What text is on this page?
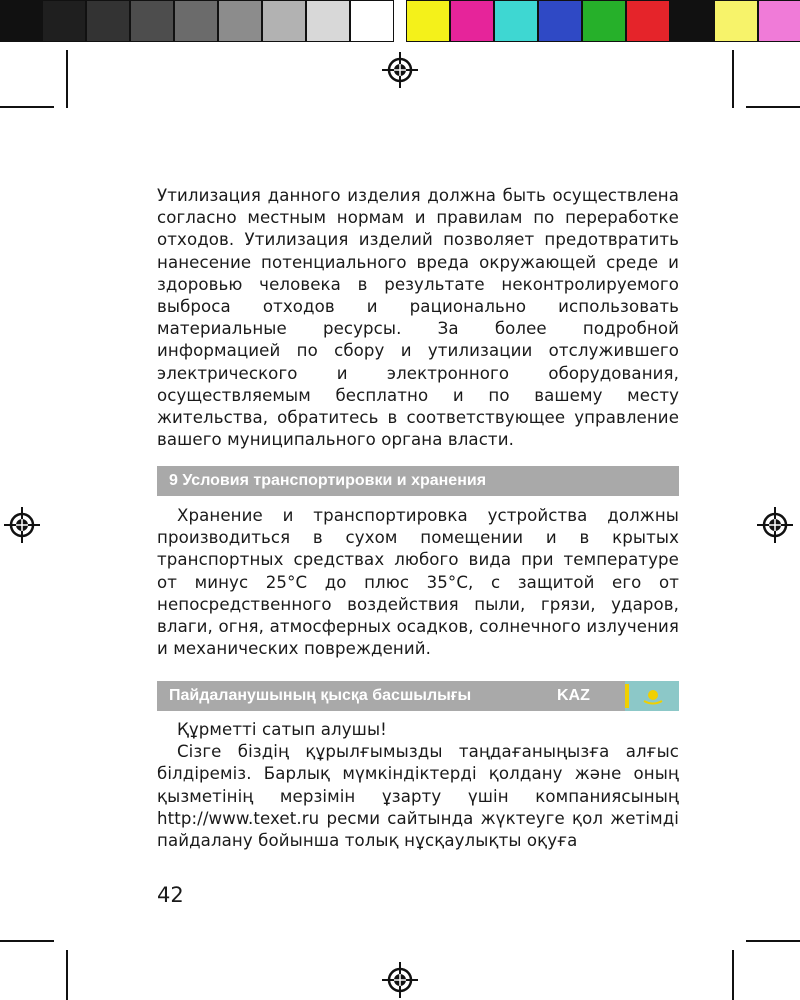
Утилизация данного изделия должна быть осуществлена согласно местным нормам и правилам по переработке отходов. Утилизация изделий позволяет предотвратить нанесение потенциального вреда окружающей среде и здоровью человека в результате неконтролируемого выброса отходов и рационально использовать материальные ресурсы. За более подробной информацией по сбору и утилизации отслужившего электрического и электронного оборудования, осуществляемым бесплатно и по вашему месту жительства, обратитесь в соответствующее управление вашего муниципального органа власти.

9 Условия транспортировки и хранения

Хранение и транспортировка устройства должны производиться в сухом помещении и в крытых транспортных средствах любого вида при температуре от минус 25°С до плюс 35°С, с защитой его от непосредственного воздействия пыли, грязи, ударов, влаги, огня, атмосферных осадков, солнечного излучения и механических повреждений.

Пайдаланушының қысқа басшылығы	KAZ

Құрметті сатып алушы!

Сізге біздің құрылғымызды таңдағаныңызға алғыс білдіреміз. Барлық мүмкіндіктерді қолдану және оның қызметінің мерзімін ұзарту үшін компаниясының http://www.texet.ru ресми сайтында жүктеуге қол жетімді пайдалану бойынша толық нұсқаулықты оқуға

42
